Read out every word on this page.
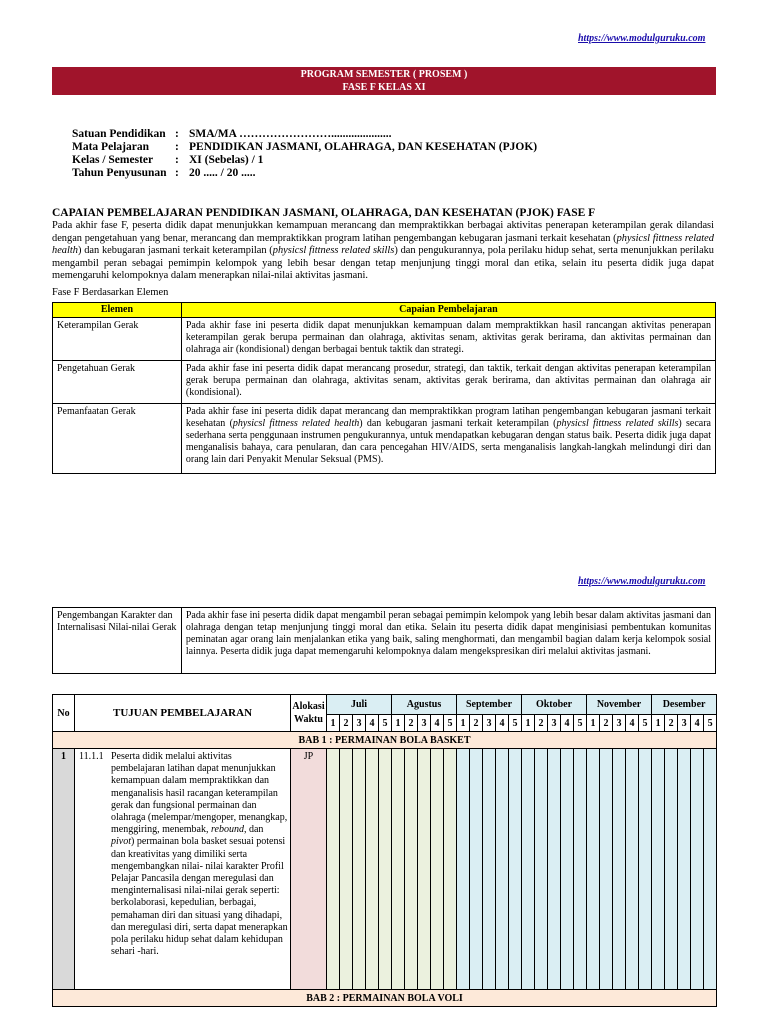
https://www.modulguruku.com
PROGRAM SEMESTER ( PROSEM )
FASE F KELAS XI
Satuan Pendidikan	:	SMA/MA …………………….....................
Mata Pelajaran	:	PENDIDIKAN JASMANI, OLAHRAGA, DAN KESEHATAN (PJOK)
Kelas / Semester	:	XI (Sebelas) / 1
Tahun Penyusunan	:	20 ..... / 20 .....
CAPAIAN PEMBELAJARAN PENDIDIKAN JASMANI, OLAHRAGA, DAN KESEHATAN (PJOK) FASE F
Pada akhir fase F, peserta didik dapat menunjukkan kemampuan merancang dan mempraktikkan berbagai aktivitas penerapan keterampilan gerak dilandasi dengan pengetahuan yang benar, merancang dan mempraktikkan program latihan pengembangan kebugaran jasmani terkait kesehatan (physicsl fittness related health) dan kebugaran jasmani terkait keterampilan (physicsl fittness related skills) dan pengukurannya, pola perilaku hidup sehat, serta menunjukkan perilaku mengambil peran sebagai pemimpin kelompok yang lebih besar dengan tetap menjunjung tinggi moral dan etika, selain itu peserta didik juga dapat memengaruhi kelompoknya dalam menerapkan nilai-nilai aktivitas jasmani.
Fase F Berdasarkan Elemen
Elemen	Capaian Pembelajaran
Keterampilan Gerak	Pada akhir fase ini peserta didik dapat menunjukkan kemampuan dalam mempraktikkan hasil rancangan aktivitas penerapan keterampilan gerak berupa permainan dan olahraga, aktivitas senam, aktivitas gerak berirama, dan aktivitas permainan dan olahraga air (kondisional) dengan berbagai bentuk taktik dan strategi.
Pengetahuan Gerak	Pada akhir fase ini peserta didik dapat merancang prosedur, strategi, dan taktik, terkait dengan aktivitas penerapan keterampilan gerak berupa permainan dan olahraga, aktivitas senam, aktivitas gerak berirama, dan aktivitas permainan dan olahraga air (kondisional).
Pemanfaatan Gerak	Pada akhir fase ini peserta didik dapat merancang dan mempraktikkan program latihan pengembangan kebugaran jasmani terkait kesehatan (physicsl fittness related health) dan kebugaran jasmani terkait keterampilan (physicsl fittness related skills) secara sederhana serta penggunaan instrumen pengukurannya, untuk mendapatkan kebugaran dengan status baik. Peserta didik juga dapat menganalisis bahaya, cara penularan, dan cara pencegahan HIV/AIDS, serta menganalisis langkah-langkah melindungi diri dan orang lain dari Penyakit Menular Seksual (PMS).
https://www.modulguruku.com
Pengembangan Karakter dan Internalisasi Nilai-nilai Gerak	Pada akhir fase ini peserta didik dapat mengambil peran sebagai pemimpin kelompok yang lebih besar dalam aktivitas jasmani dan olahraga dengan tetap menjunjung tinggi moral dan etika. Selain itu peserta didik dapat menginisiasi pembentukan komunitas peminatan agar orang lain menjalankan etika yang baik, saling menghormati, dan mengambil bagian dalam kerja kelompok sosial lainnya. Peserta didik juga dapat memengaruhi kelompoknya dalam mengekspresikan diri melalui aktivitas jasmani.
No	TUJUAN PEMBELAJARAN	Alokasi Waktu	Juli					Agustus					September					Oktober					November					Desember				
			1	2	3	4	5	1	2	3	4	5	1	2	3	4	5	1	2	3	4	5	1	2	3	4	5	1	2	3	4	5
BAB 1 : PERMAINAN BOLA BASKET																																
1	11.1.1 Peserta didik melalui aktivitas pembelajaran latihan dapat menunjukkan kemampuan dalam mempraktikkan dan menganalisis hasil racangan keterampilan gerak dan fungsional permainan dan olahraga (melempar/mengoper, menangkap, menggiring, menembak, rebound, dan pivot) permainan bola basket sesuai potensi dan kreativitas yang dimiliki serta mengembangkan nilai- nilai karakter Profil Pelajar Pancasila dengan meregulasi dan menginternalisasi nilai-nilai gerak seperti: berkolaborasi, kepedulian, berbagai, pemahaman diri dan situasi yang dihadapi, dan meregulasi diri, serta dapat menerapkan pola perilaku hidup sehat dalam kehidupan sehari -hari.	JP																														
BAB 2 : PERMAINAN BOLA VOLI																																
